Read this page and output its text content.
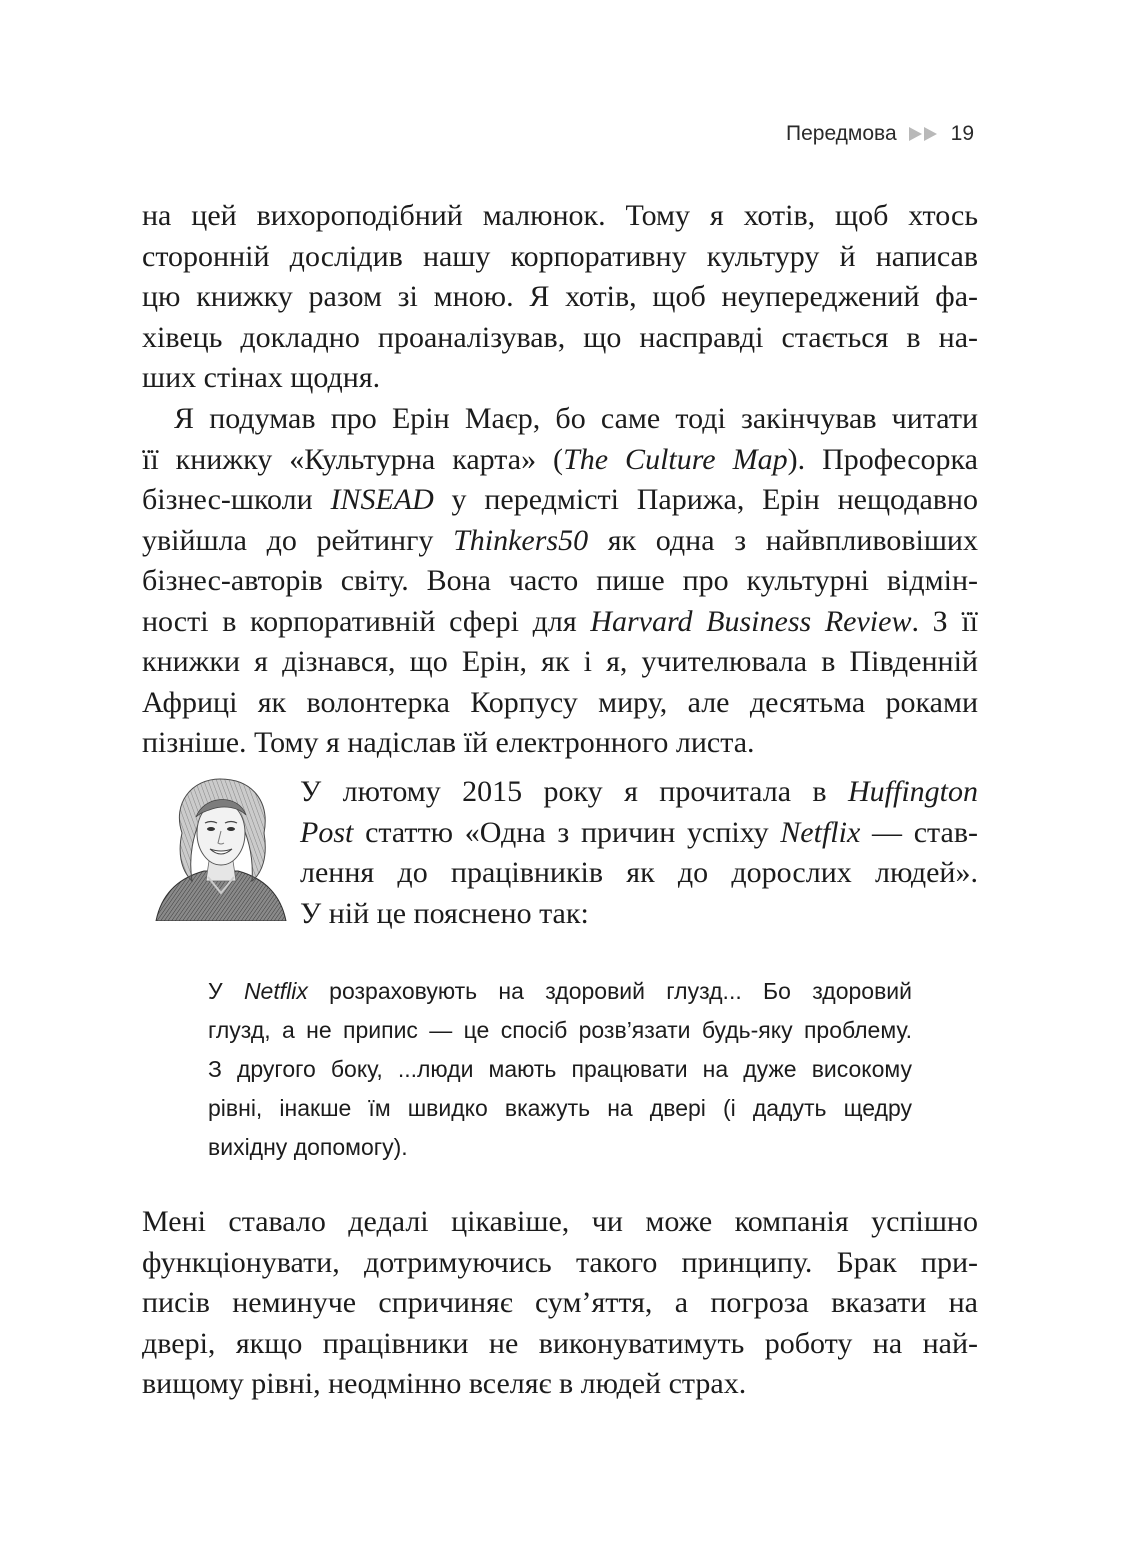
Передмова	19
на цей вихороподібний малюнок. Тому я хотів, щоб хтось
сторонній дослідив нашу корпоративну культуру й написав
цю книжку разом зі мною. Я хотів, щоб неупереджений фа-
хівець докладно проаналізував, що насправді стається в на-
ших стінах щодня.
Я подумав про Ерін Маєр, бо саме тоді закінчував читати
її книжку «Культурна карта» (The Culture Map). Професорка
бізнес-школи INSEAD у передмісті Парижа, Ерін нещодавно
увійшла до рейтингу Thinkers50 як одна з найвпливовіших
бізнес-авторів світу. Вона часто пише про культурні відмін-
ності в корпоративній сфері для Harvard Business Review. З її
книжки я дізнався, що Ерін, як і я, учителювала в Південній
Африці як волонтерка Корпусу миру, але десятьма роками
пізніше. Тому я надіслав їй електронного листа.
У лютому 2015 року я прочитала в Huffington
Post статтю «Одна з причин успіху Netflix — став-
лення до працівників як до дорослих людей».
У ній це пояснено так:
У Netflix розраховують на здоровий глузд... Бо здоровий
глузд, а не припис — це спосіб розв’язати будь-яку проблему.
З другого боку, ...люди мають працювати на дуже високому
рівні, інакше їм швидко вкажуть на двері (і дадуть щедру
вихідну допомогу).
Мені ставало дедалі цікавіше, чи може компанія успішно
функціонувати, дотримуючись такого принципу. Брак при-
писів неминуче спричиняє сум’яття, а погроза вказати на
двері, якщо працівники не виконуватимуть роботу на най-
вищому рівні, неодмінно вселяє в людей страх.
